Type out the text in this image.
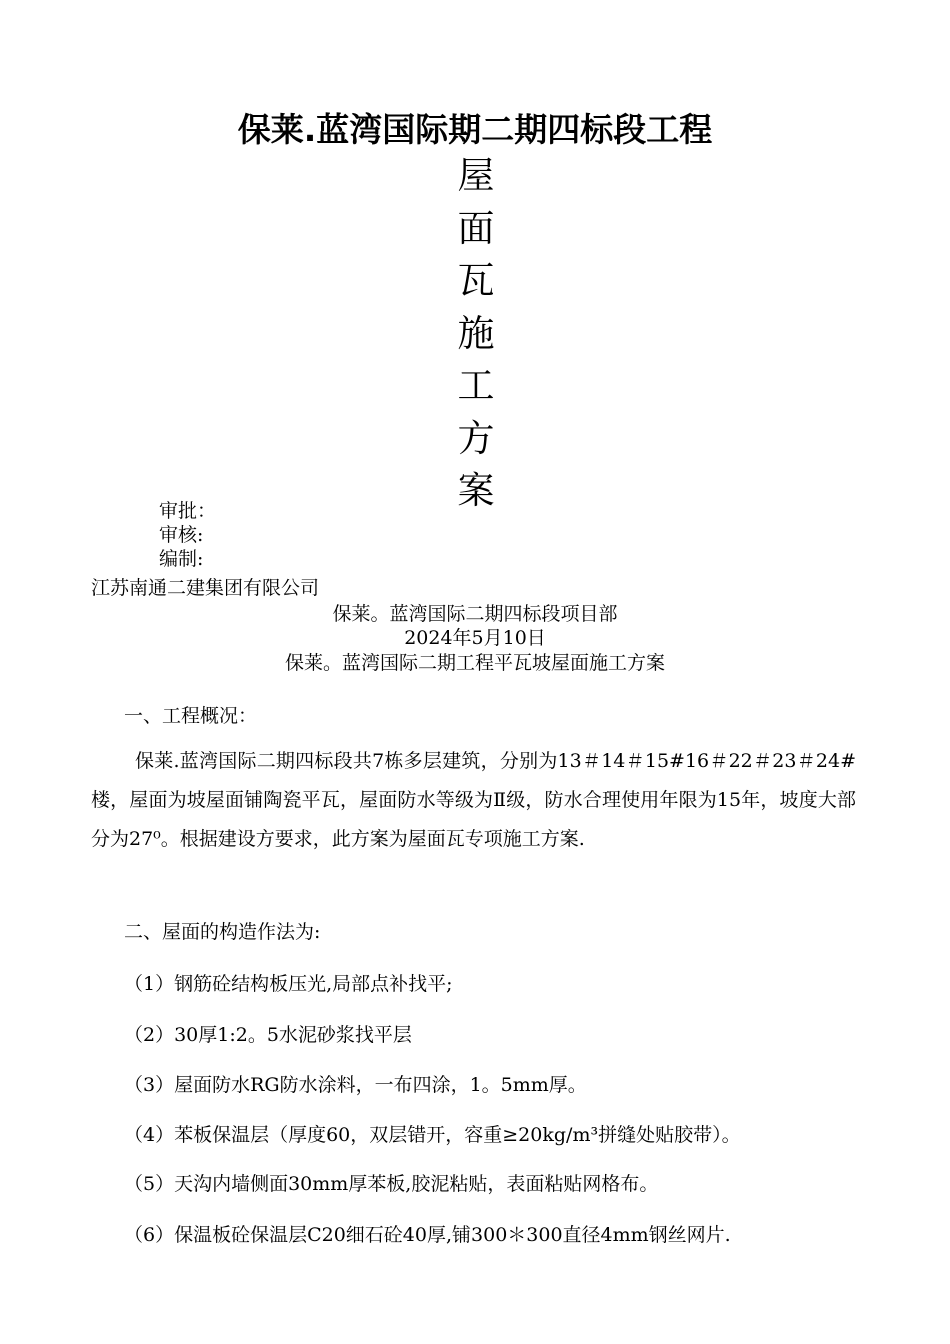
保莱.蓝湾国际期二期四标段工程
屋
面
瓦
施
工
方
案
审批：
审核:
编制:
江苏南通二建集团有限公司
保莱。蓝湾国际二期四标段项目部
2024年5月10日
保莱。蓝湾国际二期工程平瓦坡屋面施工方案
一、工程概况：
保莱.蓝湾国际二期四标段共7栋多层建筑，分别为13＃14＃15#16＃22＃23＃24#楼，屋面为坡屋面铺陶瓷平瓦，屋面防水等级为Ⅱ级，防水合理使用年限为15年，坡度大部分为27⁰。根据建设方要求，此方案为屋面瓦专项施工方案.
二、屋面的构造作法为:
（1）钢筋砼结构板压光,局部点补找平;
（2）30厚1:2。5水泥砂浆找平层
（3）屋面防水RG防水涂料，一布四涂，1。5mm厚。
（4）苯板保温层（厚度60，双层错开，容重≥20kg/m³拼缝处贴胶带）。
（5）天沟内墙侧面30mm厚苯板,胶泥粘贴，表面粘贴网格布。
（6）保温板砼保温层C20细石砼40厚,铺300＊300直径4mm钢丝网片.
